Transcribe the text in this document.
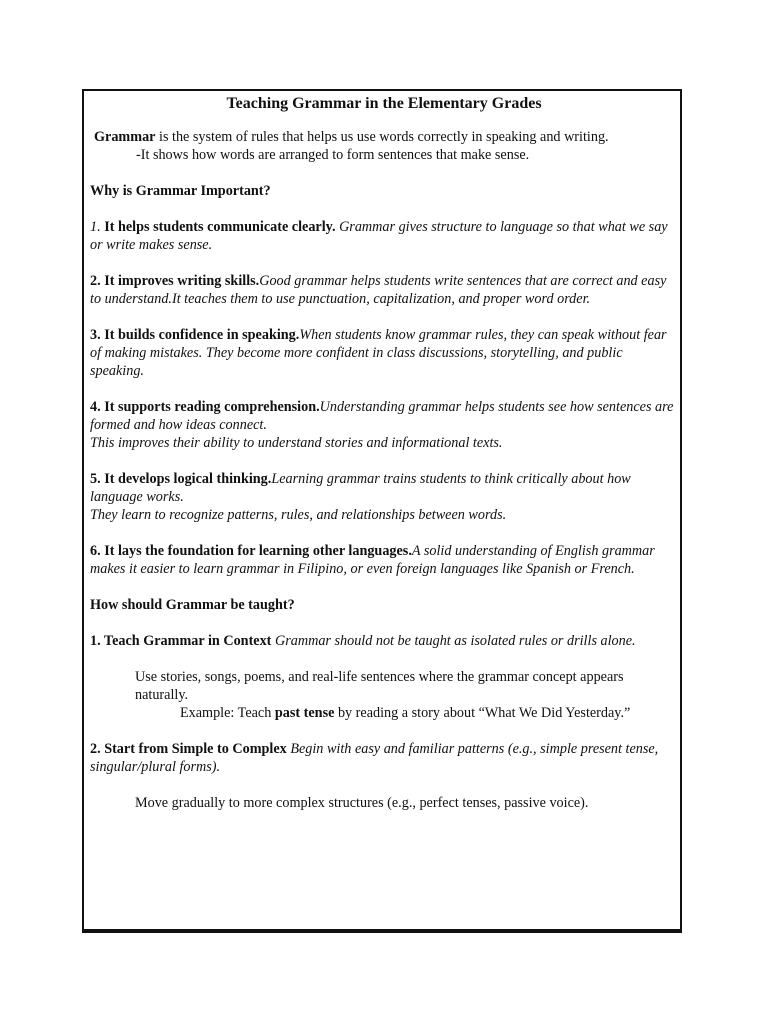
Teaching Grammar in the Elementary Grades

Grammar is the system of rules that helps us use words correctly in speaking and writing.

-It shows how words are arranged to form sentences that make sense.

Why is Grammar Important?

1. It helps students communicate clearly. Grammar gives structure to language so that what we say or write makes sense.

2. It improves writing skills.Good grammar helps students write sentences that are correct and easy to understand.It teaches them to use punctuation, capitalization, and proper word order.

3. It builds confidence in speaking.When students know grammar rules, they can speak without fear of making mistakes. They become more confident in class discussions, storytelling, and public speaking.

4. It supports reading comprehension.Understanding grammar helps students see how sentences are formed and how ideas connect.

This improves their ability to understand stories and informational texts.

5. It develops logical thinking.Learning grammar trains students to think critically about how language works.

They learn to recognize patterns, rules, and relationships between words.

6. It lays the foundation for learning other languages.A solid understanding of English grammar makes it easier to learn grammar in Filipino, or even foreign languages like Spanish or French.

How should Grammar be taught?

1. Teach Grammar in Context Grammar should not be taught as isolated rules or drills alone.

Use stories, songs, poems, and real-life sentences where the grammar concept appears naturally.

Example: Teach past tense by reading a story about “What We Did Yesterday.”

2. Start from Simple to Complex Begin with easy and familiar patterns (e.g., simple present tense, singular/plural forms).

Move gradually to more complex structures (e.g., perfect tenses, passive voice).
